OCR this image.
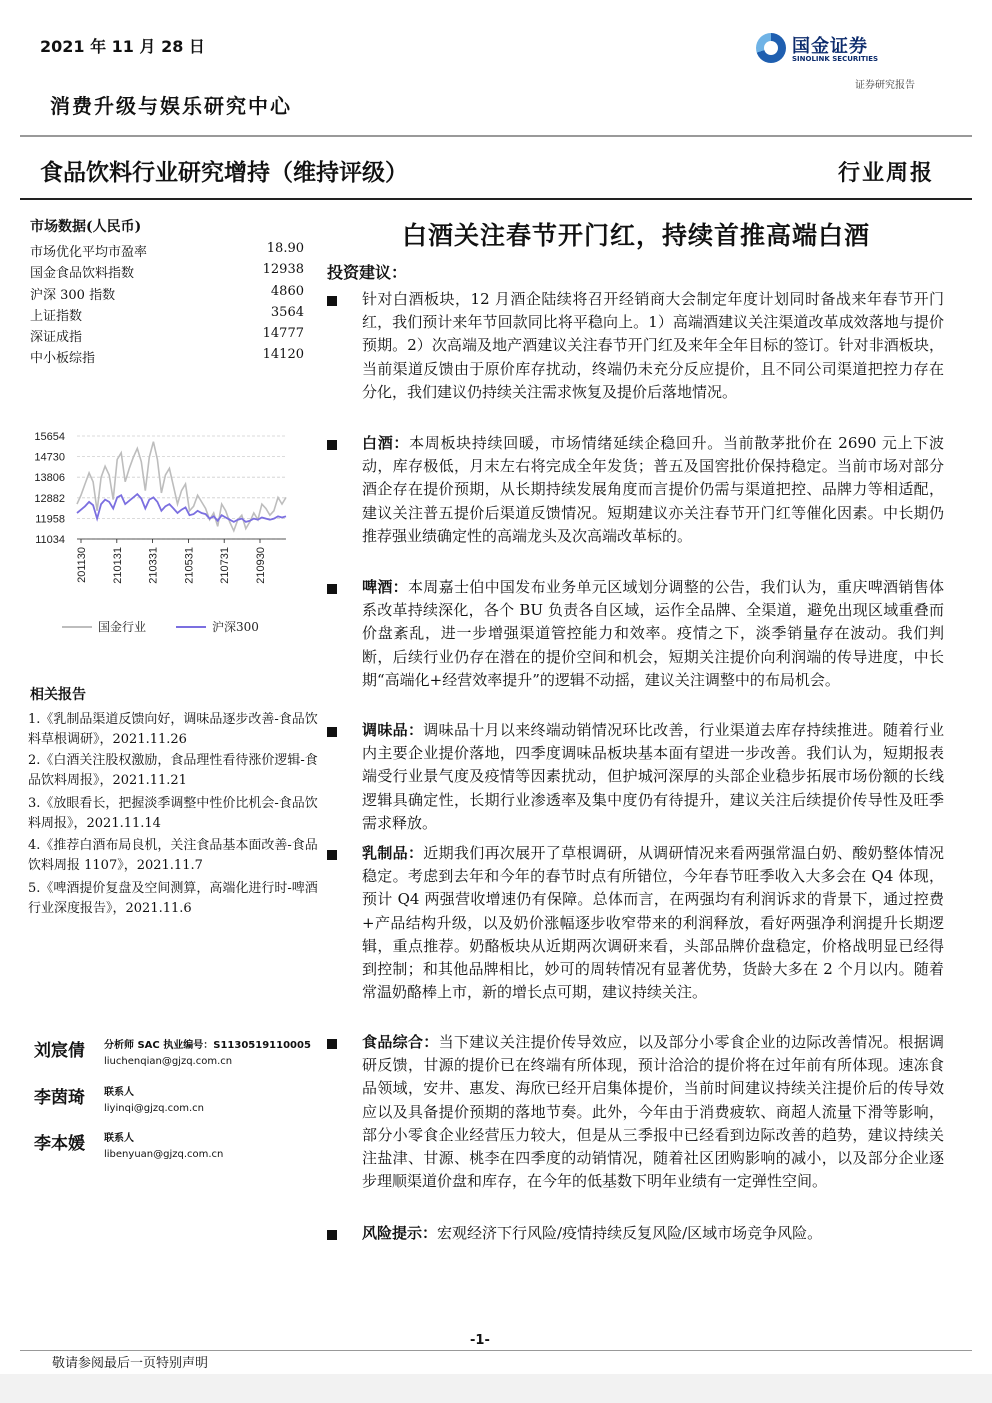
2021 年 11 月 28 日	国金证券
SINOLINK SECURITIES
证券研究报告
消费升级与娱乐研究中心
食品饮料行业研究增持（维持评级）	行业周报
市场数据(人民币)
市场优化平均市盈率	18.90
国金食品饮料指数	12938
沪深 300 指数	4860
上证指数	3564
深证成指	14777
中小板综指	14120
15654
14730
13806
12882
11958
11034
201130 210131 210331 210531 210731 210930
国金行业	沪深300
相关报告
1.《乳制品渠道反馈向好，调味品逐步改善-食品饮料草根调研》，2021.11.26
2.《白酒关注股权激励，食品理性看待涨价逻辑-食品饮料周报》，2021.11.21
3.《放眼看长，把握淡季调整中性价比机会-食品饮料周报》，2021.11.14
4.《推荐白酒布局良机，关注食品基本面改善-食品饮料周报 1107》，2021.11.7
5.《啤酒提价复盘及空间测算，高端化进行时-啤酒行业深度报告》，2021.11.6
刘宸倩 分析师 SAC 执业编号：S1130519110005
liuchenqian@gjzq.com.cn
李茵琦 联系人
liyinqi@gjzq.com.cn
李本媛 联系人
libenyuan@gjzq.com.cn
白酒关注春节开门红，持续首推高端白酒
投资建议：
针对白酒板块，12 月酒企陆续将召开经销商大会制定年度计划同时备战来年春节开门红，我们预计来年节回款同比将平稳向上。1）高端酒建议关注渠道改革成效落地与提价预期。2）次高端及地产酒建议关注春节开门红及来年全年目标的签订。针对非酒板块，当前渠道反馈由于原价库存扰动，终端仍未充分反应提价，且不同公司渠道把控力存在分化，我们建议仍持续关注需求恢复及提价后落地情况。
白酒：本周板块持续回暖，市场情绪延续企稳回升。当前散茅批价在 2690 元上下波动，库存极低，月末左右将完成全年发货；普五及国窖批价保持稳定。当前市场对部分酒企存在提价预期，从长期持续发展角度而言提价仍需与渠道把控、品牌力等相适配，建议关注普五提价后渠道反馈情况。短期建议亦关注春节开门红等催化因素。中长期仍推荐强业绩确定性的高端龙头及次高端改革标的。
啤酒：本周嘉士伯中国发布业务单元区域划分调整的公告，我们认为，重庆啤酒销售体系改革持续深化，各个 BU 负责各自区域，运作全品牌、全渠道，避免出现区域重叠而价盘紊乱，进一步增强渠道管控能力和效率。疫情之下，淡季销量存在波动。我们判断，后续行业仍存在潜在的提价空间和机会，短期关注提价向利润端的传导进度，中长期“高端化+经营效率提升”的逻辑不动摇，建议关注调整中的布局机会。
调味品：调味品十月以来终端动销情况环比改善，行业渠道去库存持续推进。随着行业内主要企业提价落地，四季度调味品板块基本面有望进一步改善。我们认为，短期报表端受行业景气度及疫情等因素扰动，但护城河深厚的头部企业稳步拓展市场份额的长线逻辑具确定性，长期行业渗透率及集中度仍有待提升，建议关注后续提价传导性及旺季需求释放。
乳制品：近期我们再次展开了草根调研，从调研情况来看两强常温白奶、酸奶整体情况稳定。考虑到去年和今年的春节时点有所错位，今年春节旺季收入大多会在 Q4 体现，预计 Q4 两强营收增速仍有保障。总体而言，在两强均有利润诉求的背景下，通过控费+产品结构升级，以及奶价涨幅逐步收窄带来的利润释放，看好两强净利润提升长期逻辑，重点推荐。奶酪板块从近期两次调研来看，头部品牌价盘稳定，价格战明显已经得到控制；和其他品牌相比，妙可的周转情况有显著优势，货龄大多在 2 个月以内。随着常温奶酪棒上市，新的增长点可期，建议持续关注。
食品综合：当下建议关注提价传导效应，以及部分小零食企业的边际改善情况。根据调研反馈，甘源的提价已在终端有所体现，预计洽洽的提价将在过年前有所体现。速冻食品领域，安井、惠发、海欣已经开启集体提价，当前时间建议持续关注提价后的传导效应以及具备提价预期的落地节奏。此外，今年由于消费疲软、商超人流量下滑等影响，部分小零食企业经营压力较大，但是从三季报中已经看到边际改善的趋势，建议持续关注盐津、甘源、桃李在四季度的动销情况，随着社区团购影响的减小，以及部分企业逐步理顺渠道价盘和库存，在今年的低基数下明年业绩有一定弹性空间。
风险提示：宏观经济下行风险/疫情持续反复风险/区域市场竞争风险。
-1-
敬请参阅最后一页特别声明
